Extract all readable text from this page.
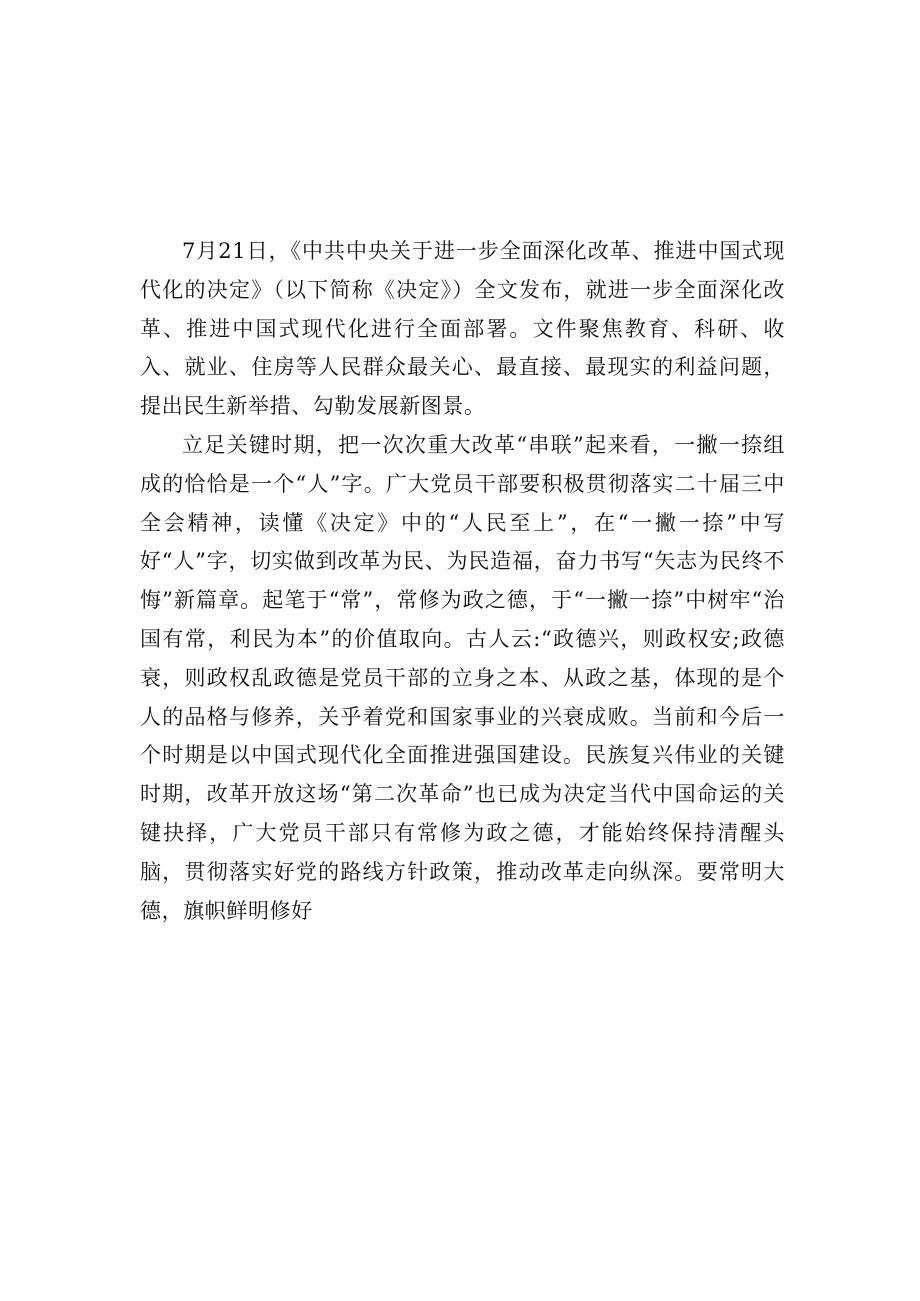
7月21日，《中共中央关于进一步全面深化改革、推进中国式现代化的决定》（以下简称《决定》）全文发布，就进一步全面深化改革、推进中国式现代化进行全面部署。文件聚焦教育、科研、收入、就业、住房等人民群众最关心、最直接、最现实的利益问题，提出民生新举措、勾勒发展新图景。

立足关键时期，把一次次重大改革“串联”起来看，一撇一捺组成的恰恰是一个“人”字。广大党员干部要积极贯彻落实二十届三中全会精神，读懂《决定》中的“人民至上”，在“一撇一捺”中写好“人”字，切实做到改革为民、为民造福，奋力书写“矢志为民终不悔”新篇章。起笔于“常”，常修为政之德，于“一撇一捺”中树牢“治国有常，利民为本”的价值取向。古人云:“政德兴，则政权安;政德衰，则政权乱政德是党员干部的立身之本、从政之基，体现的是个人的品格与修养，关乎着党和国家事业的兴衰成败。当前和今后一个时期是以中国式现代化全面推进强国建设。民族复兴伟业的关键时期，改革开放这场“第二次革命”也已成为决定当代中国命运的关键抉择，广大党员干部只有常修为政之德，才能始终保持清醒头脑，贯彻落实好党的路线方针政策，推动改革走向纵深。要常明大德，旗帜鲜明修好
